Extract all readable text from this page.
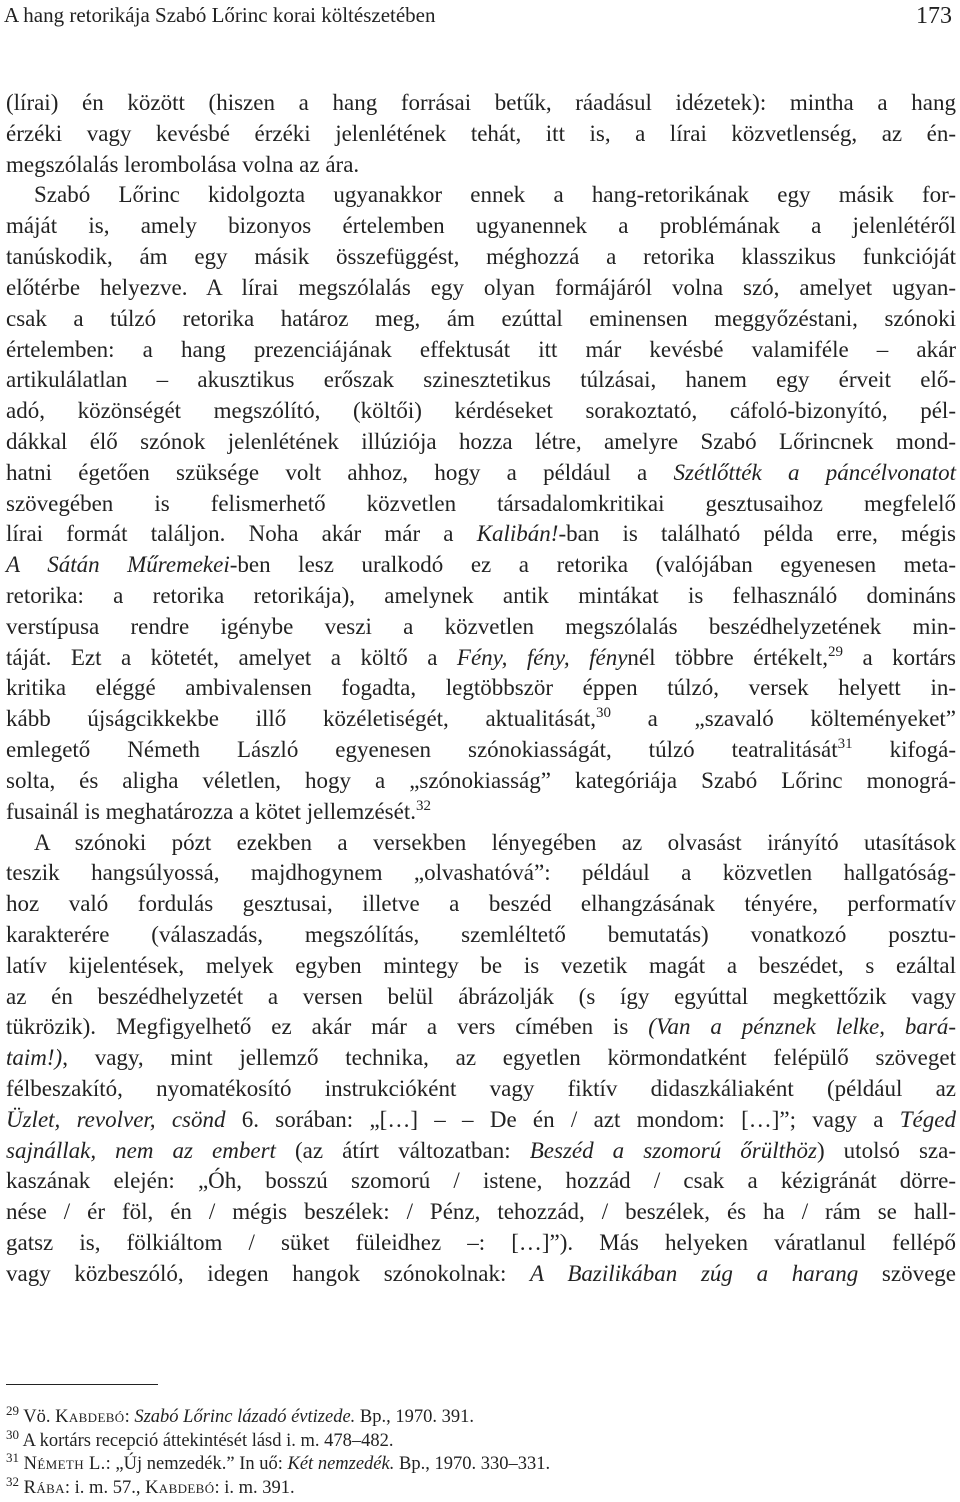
A hang retorikája Szabó Lőrinc korai költészetében	173
(lírai) én között (hiszen a hang forrásai betűk, ráadásul idézetek): mintha a hang
érzéki vagy kevésbé érzéki jelenlétének tehát, itt is, a lírai közvetlenség, az én-
megszólalás lerombolása volna az ára.
Szabó Lőrinc kidolgozta ugyanakkor ennek a hang-retorikának egy másik for-
máját is, amely bizonyos értelemben ugyanennek a problémának a jelenlétéről
tanúskodik, ám egy másik összefüggést, méghozzá a retorika klasszikus funkcióját
előtérbe helyezve. A lírai megszólalás egy olyan formájáról volna szó, amelyet ugyan-
csak a túlzó retorika határoz meg, ám ezúttal eminensen meggyőzéstani, szónoki
értelemben: a hang prezenciájának effektusát itt már kevésbé valamiféle – akár
artikulálatlan – akusztikus erőszak szinesztetikus túlzásai, hanem egy érveit elő-
adó, közönségét megszólító, (költői) kérdéseket sorakoztató, cáfoló-bizonyító, pél-
dákkal élő szónok jelenlétének illúziója hozza létre, amelyre Szabó Lőrincnek mond-
hatni égetően szüksége volt ahhoz, hogy a például a Szétlőtték a páncélvonatot
szövegében is felismerhető közvetlen társadalomkritikai gesztusaihoz megfelelő
lírai formát találjon. Noha akár már a Kalibán!-ban is található példa erre, mégis
A Sátán Műremekei-ben lesz uralkodó ez a retorika (valójában egyenesen meta-
retorika: a retorika retorikája), amelynek antik mintákat is felhasználó domináns
verstípusa rendre igénybe veszi a közvetlen megszólalás beszédhelyzetének min-
táját. Ezt a kötetét, amelyet a költő a Fény, fény, fénynél többre értékelt,$^{29}$ a kortárs
kritika eléggé ambivalensen fogadta, legtöbbször éppen túlzó, versek helyett in-
kább újságcikkekbe illő közéletiségét, aktualitását,$^{30}$ a „szavaló költeményeket”
emlegető Németh László egyenesen szónokiasságát, túlzó teatralitását$^{31}$ kifogá-
solta, és aligha véletlen, hogy a „szónokiasság” kategóriája Szabó Lőrinc monográ-
fusainál is meghatározza a kötet jellemzését.$^{32}$
A szónoki pózt ezekben a versekben lényegében az olvasást irányító utasítások
teszik hangsúlyossá, majdhogynem „olvashatóvá”: például a közvetlen hallgatóság-
hoz való fordulás gesztusai, illetve a beszéd elhangzásának tényére, performatív
karakterére (válaszadás, megszólítás, szemléltető bemutatás) vonatkozó posztu-
latív kijelentések, melyek egyben mintegy be is vezetik magát a beszédet, s ezáltal
az én beszédhelyzetét a versen belül ábrázolják (s így egyúttal megkettőzik vagy
tükrözik). Megfigyelhető ez akár már a vers címében is (Van a pénznek lelke, bará-
taim!), vagy, mint jellemző technika, az egyetlen körmondatként felépülő szöveget
félbeszakító, nyomatékosító instrukcióként vagy fiktív didaszkáliaként (például az
Üzlet, revolver, csönd 6. sorában: „[…] – – De én / azt mondom: […]”; vagy a Téged
sajnállak, nem az embert (az átírt változatban: Beszéd a szomorú őrülthöz) utolsó sza-
kaszának elején: „Óh, bosszú szomorú / istene, hozzád / csak a kézigránát dörre-
nése / ér föl, én / mégis beszélek: / Pénz, tehozzád, / beszélek, és ha / rám se hall-
gatsz is, fölkiáltom / süket füleidhez –: […]”). Más helyeken váratlanul fellépő
vagy közbeszóló, idegen hangok szónokolnak: A Bazilikában zúg a harang szövege
$^{29}$ Vö. Kabdebó: Szabó Lőrinc lázadó évtizede. Bp., 1970. 391.
$^{30}$ A kortárs recepció áttekintését lásd i. m. 478–482.
$^{31}$ Németh L.: „Új nemzedék.” In uő: Két nemzedék. Bp., 1970. 330–331.
$^{32}$ Rába: i. m. 57., Kabdebó: i. m. 391.
